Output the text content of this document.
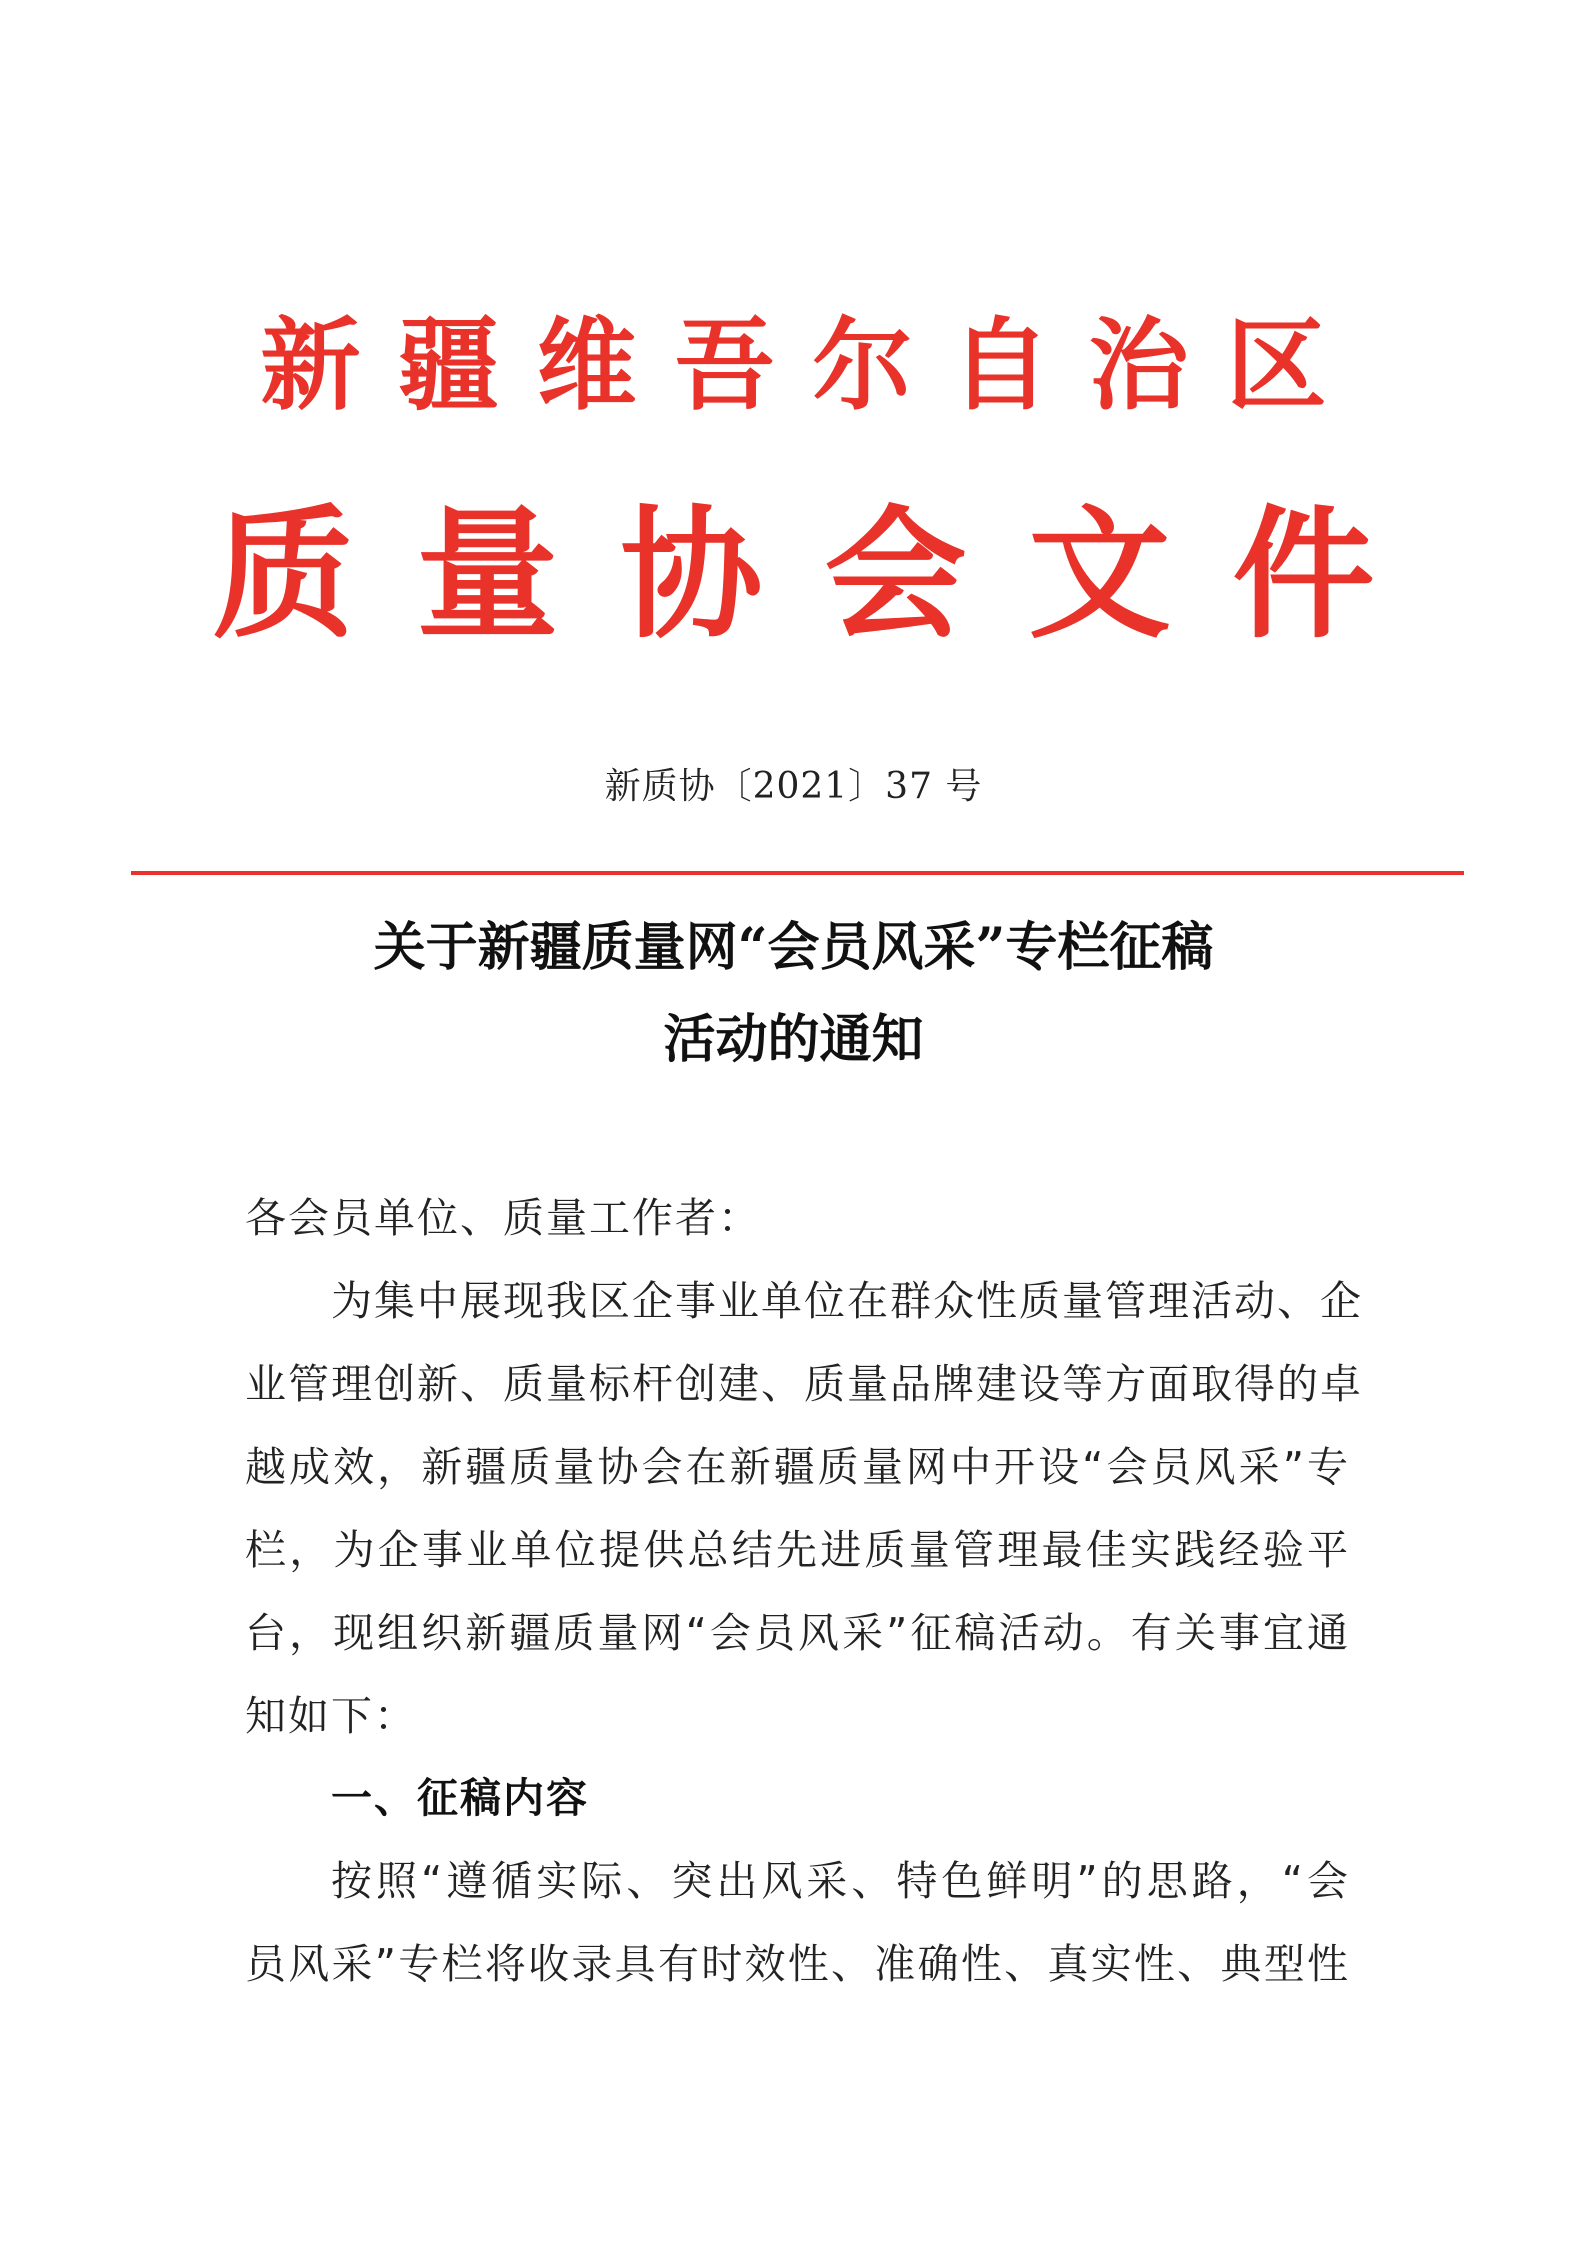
新疆维吾尔自治区
质量协会文件
新质协〔2021〕37 号
关于新疆质量网“会员风采”专栏征稿
活动的通知
各会员单位、质量工作者：
为集中展现我区企事业单位在群众性质量管理活动、企
业管理创新、质量标杆创建、质量品牌建设等方面取得的卓
越成效，新疆质量协会在新疆质量网中开设“会员风采”专
栏，为企事业单位提供总结先进质量管理最佳实践经验平
台，现组织新疆质量网“会员风采”征稿活动。有关事宜通
知如下：
一、征稿内容
按照“遵循实际、突出风采、特色鲜明”的思路，“会
员风采”专栏将收录具有时效性、准确性、真实性、典型性
